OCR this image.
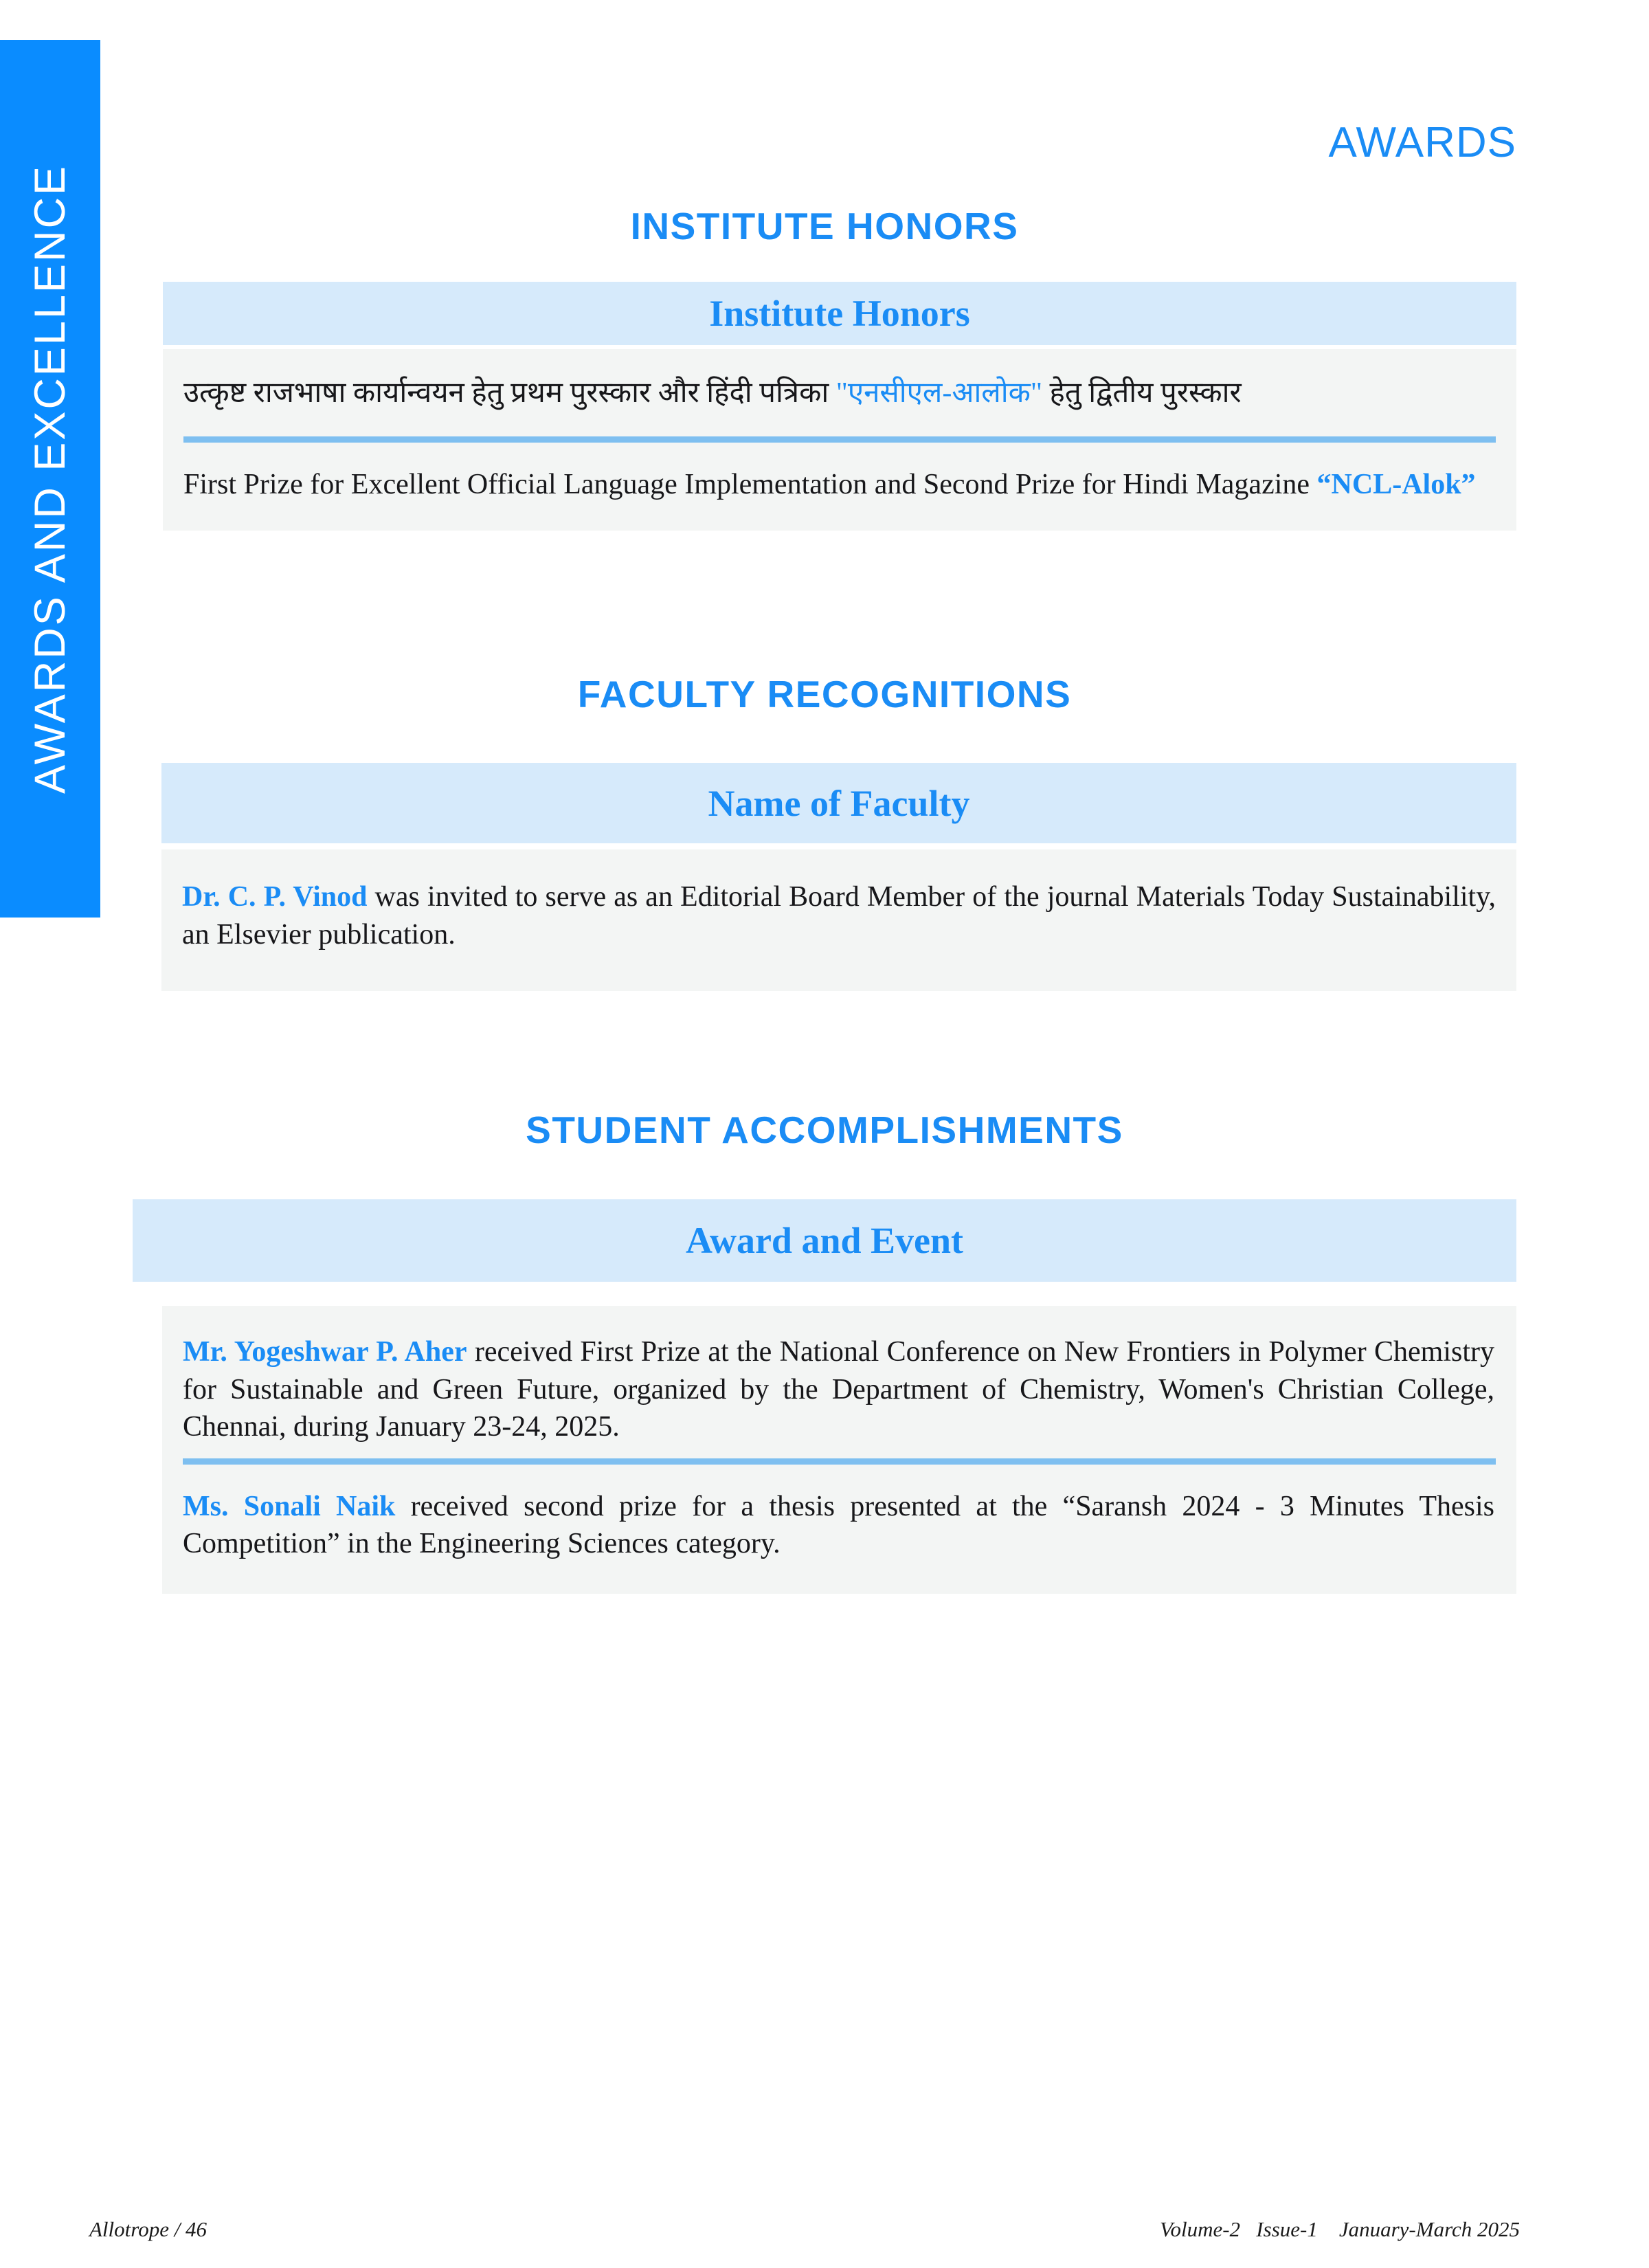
AWARDS AND EXCELLENCE
AWARDS
INSTITUTE HONORS
Institute Honors
उत्कृष्ट राजभाषा कार्यान्वयन हेतु प्रथम पुरस्कार और हिंदी पत्रिका "एनसीएल-आलोक" हेतु द्वितीय पुरस्कार
First Prize for Excellent Official Language Implementation and Second Prize for Hindi Magazine “NCL-Alok”
FACULTY RECOGNITIONS
Name of Faculty
Dr. C. P. Vinod was invited to serve as an Editorial Board Member of the journal Materials Today Sustainability, an Elsevier publication.
STUDENT ACCOMPLISHMENTS
Award and Event
Mr. Yogeshwar P. Aher received First Prize at the National Conference on New Frontiers in Polymer Chemistry for Sustainable and Green Future, organized by the Department of Chemistry, Women's Christian College, Chennai, during January 23-24, 2025.
Ms. Sonali Naik received second prize for a thesis presented at the “Saransh 2024 - 3 Minutes Thesis Competition” in the Engineering Sciences category.
Allotrope / 46	Volume-2   Issue-1    January-March 2025
